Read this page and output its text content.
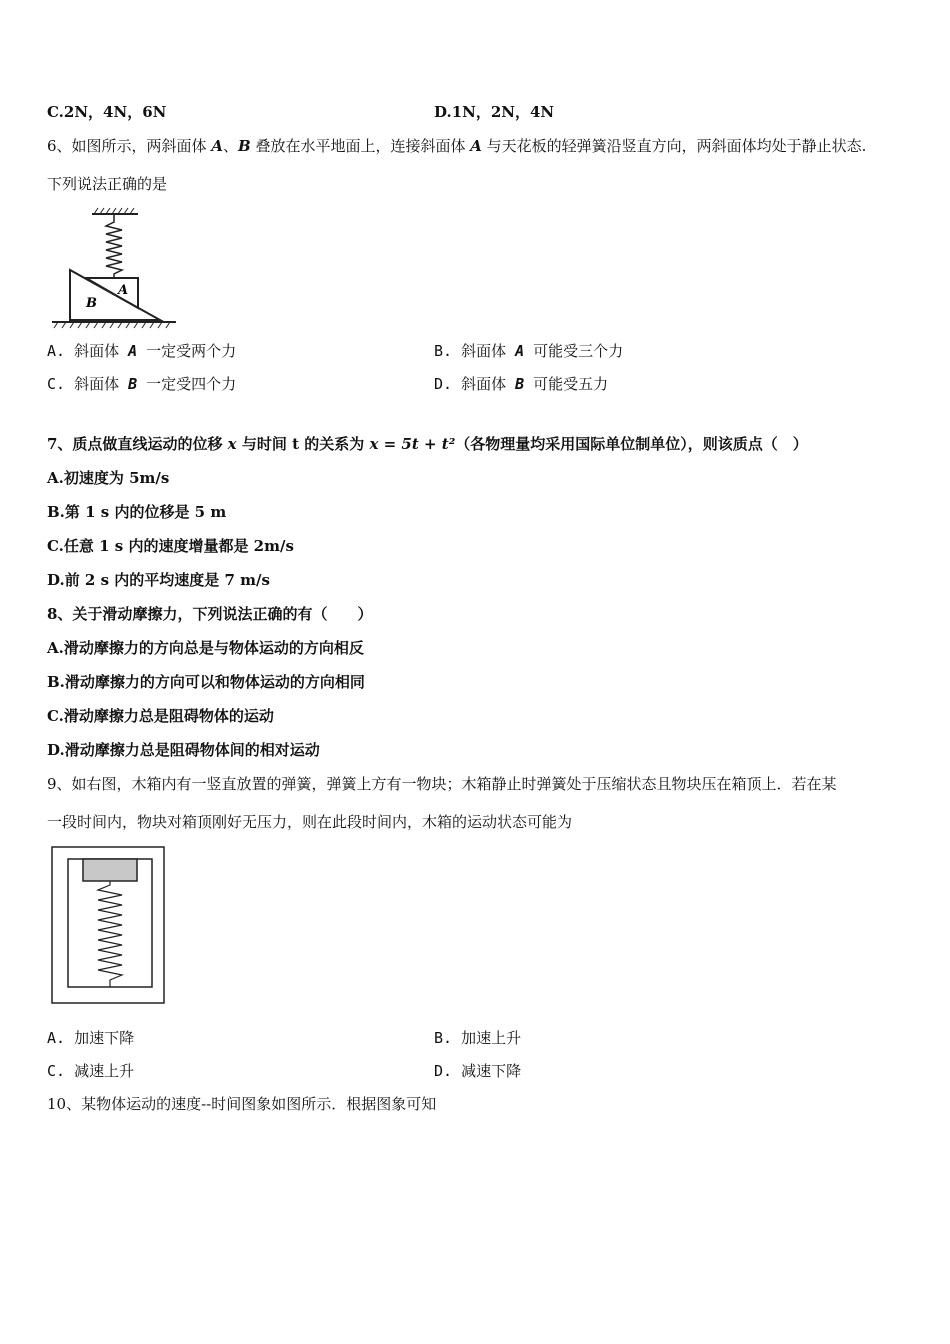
C.2N，4N，6N	D.1N，2N，4N
6、如图所示，两斜面体 A、B 叠放在水平地面上，连接斜面体 A 与天花板的轻弹簧沿竖直方向，两斜面体均处于静止状态.
下列说法正确的是
A
B
A. 斜面体 A 一定受两个力	B. 斜面体 A 可能受三个力
C. 斜面体 B 一定受四个力	D. 斜面体 B 可能受五力
7、质点做直线运动的位移 x 与时间 t 的关系为 x = 5t + t²（各物理量均采用国际单位制单位），则该质点（　）
A.初速度为 5m/s
B.第 1 s 内的位移是 5 m
C.任意 1 s 内的速度增量都是 2m/s
D.前 2 s 内的平均速度是 7 m/s
8、关于滑动摩擦力，下列说法正确的有（　　）
A.滑动摩擦力的方向总是与物体运动的方向相反
B.滑动摩擦力的方向可以和物体运动的方向相同
C.滑动摩擦力总是阻碍物体的运动
D.滑动摩擦力总是阻碍物体间的相对运动
9、如右图，木箱内有一竖直放置的弹簧，弹簧上方有一物块；木箱静止时弹簧处于压缩状态且物块压在箱顶上．若在某
一段时间内，物块对箱顶刚好无压力，则在此段时间内，木箱的运动状态可能为
A. 加速下降	B. 加速上升
C. 减速上升	D. 减速下降
10、某物体运动的速度--时间图象如图所示．根据图象可知
